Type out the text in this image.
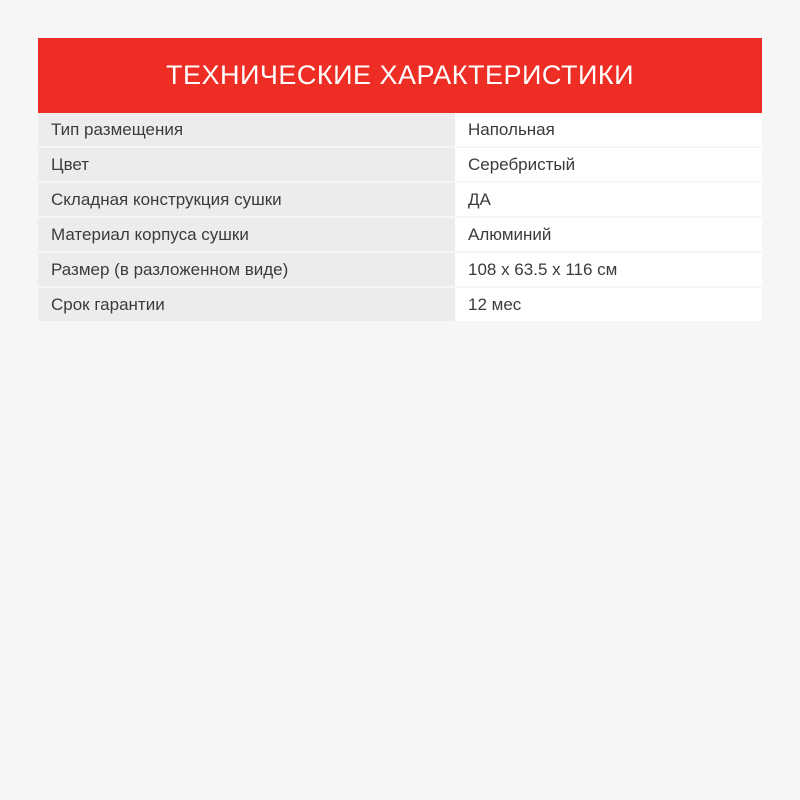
ТЕХНИЧЕСКИЕ ХАРАКТЕРИСТИКИ
Тип размещения	Напольная
Цвет	Серебристый
Складная конструкция сушки	ДА
Материал корпуса сушки	Алюминий
Размер (в разложенном виде)	108 x 63.5 x 116 см
Срок гарантии	12 мес
